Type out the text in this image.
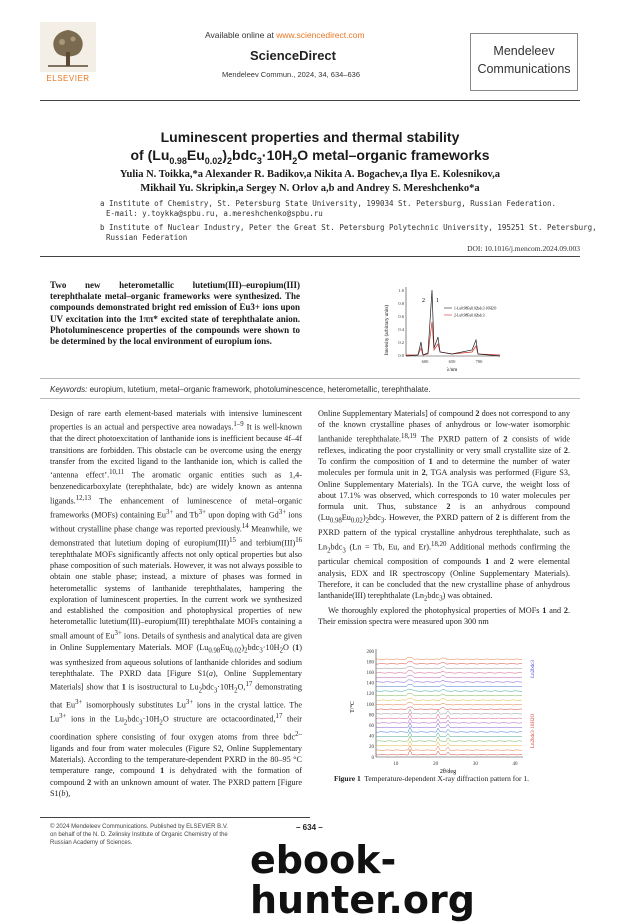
ELSEVIER
Available online at www.sciencedirect.com
ScienceDirect
Mendeleev Commun., 2024, 34, 634–636
Mendeleev
Communications
Luminescent properties and thermal stability
of $(Lu_{0.98}Eu_{0.02})_2bdc_3\cdot 10H_2O$ metal–organic frameworks
Yulia N. Toikka,*a Alexander R. Badikov,a Nikita A. Bogachev,a Ilya E. Kolesnikov,a
Mikhail Yu. Skripkin,a Sergey N. Orlov a,b and Andrey S. Mereshchenko*a
a Institute of Chemistry, St. Petersburg State University, 199034 St. Petersburg, Russian Federation.
E-mail: y.toykka@spbu.ru, a.mereshchenko@spbu.ru
b Institute of Nuclear Industry, Peter the Great St. Petersburg Polytechnic University, 195251 St. Petersburg,
Russian Federation
DOI: 10.1016/j.mencom.2024.09.003
Two new heterometallic lutetium(III)–europium(III) terephthalate metal–organic frameworks were synthesized. The compounds demonstrated bright red emission of Eu3+ ions upon UV excitation into the 1ππ* excited state of terephthalate anion. Photoluminescence properties of the compounds were shown to be determined by the local environment of europium ions.	Intensity (arbitrary units)
1.0
0.8
0.6
0.4
0.2
0.0
600	650	700
λ/nm
2 1
1-Lu0.98Eu0.02bdc3·10H2O
2-Lu0.98Eu0.02bdc3
Keywords: europium, lutetium, metal–organic framework, photoluminescence, heterometallic, terephthalate.

Design of rare earth element-based materials with intensive luminescent properties is an actual and perspective area nowadays.$^{1-9}$ It is well-known that the direct photoexcitation of lanthanide ions is inefficient because 4f–4f transitions are forbidden. This obstacle can be overcome using the energy transfer from the excited ligand to the lanthanide ion, which is called the ‘antenna effect’.$^{10,11}$ The aromatic organic entities such as 1,4-benzenedicarboxylate (terephthalate, bdc) are widely known as antenna ligands.$^{12,13}$ The enhancement of luminescence of metal–organic frameworks (MOFs) containing $Eu^{3+}$ and $Tb^{3+}$ upon doping with $Gd^{3+}$ ions without crystalline phase change was reported previously.$^{14}$ Meanwhile, we demonstrated that lutetium doping of europium(III)$^{15}$ and terbium(III)$^{16}$ terephthalate MOFs significantly affects not only optical properties but also phase composition of such materials. However, it was not always possible to obtain one stable phase; instead, a mixture of phases was formed in heterometallic systems of lanthanide terephthalates, hampering the exploration of luminescent properties. In the current work we synthesized and established the composition and photophysical properties of new heterometallic lutetium(III)–europium(III) terephthalate MOFs containing a small amount of $Eu^{3+}$ ions. Details of synthesis and analytical data are given in Online Supplementary Materials. MOF $(Lu_{0.98}Eu_{0.02})_2bdc_3\cdot 10H_2O$ (1) was synthesized from aqueous solutions of lanthanide chlorides and sodium terephthalate. The PXRD data [Figure S1(a), Online Supplementary Materials] show that 1 is isostructural to $Lu_2bdc_3\cdot 10H_2O,^{17}$ demonstrating that $Eu^{3+}$ isomorphously substitutes $Lu^{3+}$ ions in the crystal lattice. The $Lu^{3+}$ ions in the $Lu_2bdc_3\cdot 10H_2O$ structure are octacoordinated,$^{17}$ their coordination sphere consisting of four oxygen atoms from three bdc$^{2-}$ ligands and four from water molecules (Figure S2, Online Supplementary Materials). According to the temperature-dependent PXRD in the 80–95 °C temperature range, compound 1 is dehydrated with the formation of compound 2 with an unknown amount of water. The PXRD pattern [Figure S1(b),

Online Supplementary Materials] of compound 2 does not correspond to any of the known crystalline phases of anhydrous or low-water isomorphic lanthanide terephthalate.$^{18,19}$ The PXRD pattern of 2 consists of wide reflexes, indicating the poor crystallinity or very small crystallite size of 2. To confirm the composition of 1 and to determine the number of water molecules per formula unit in 2, TGA analysis was performed (Figure S3, Online Supplementary Materials). In the TGA curve, the weight loss of about 17.1% was observed, which corresponds to 10 water molecules per formula unit. Thus, substance 2 is an anhydrous compound $(Lu_{0.98}Eu_{0.02})_2bdc_3$. However, the PXRD pattern of 2 is different from the PXRD pattern of the typical crystalline anhydrous terephthalate, such as $Ln_2bdc_3$ (Ln = Tb, Eu, and Er).$^{18,20}$ Additional methods confirming the particular chemical composition of compounds 1 and 2 were elemental analysis, EDX and IR spectroscopy (Online Supplementary Materials). Therefore, it can be concluded that the new crystalline phase of anhydrous lanthanide(III) terephthalate $(Ln_2bdc_3)$ was obtained.

We thoroughly explored the photophysical properties of MOFs 1 and 2. Their emission spectra were measured upon 300 nm

T/°C
200
180
160
140
120
100
80
60
40
20
0
10	20	30	40
2θ/deg
Ln2bdc3
Ln2bdc3·10H2O
Figure 1 Temperature-dependent X-ray diffraction pattern for 1.
© 2024 Mendeleev Communications. Published by ELSEVIER B.V.
on behalf of the N. D. Zelinsky Institute of Organic Chemistry of the
Russian Academy of Sciences.
– 634 –
ebook-hunter.org
